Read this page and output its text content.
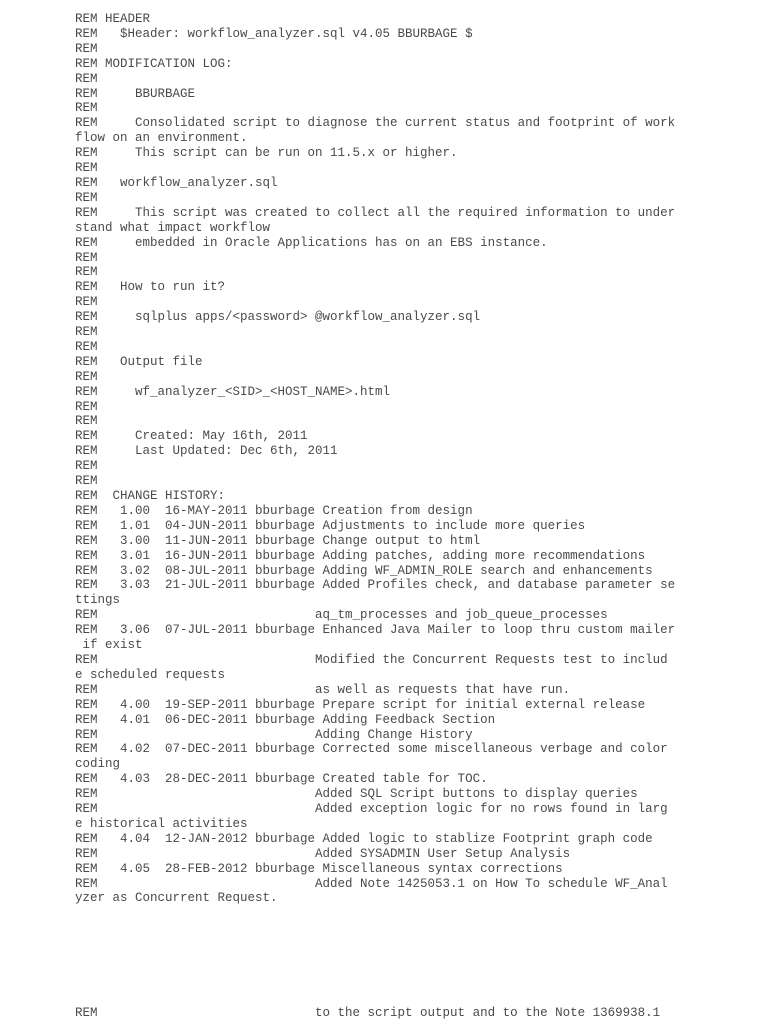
REM HEADER
REM   $Header: workflow_analyzer.sql v4.05 BBURBAGE $
REM
REM MODIFICATION LOG:
REM
REM     BBURBAGE
REM
REM     Consolidated script to diagnose the current status and footprint of work
flow on an environment.
REM     This script can be run on 11.5.x or higher.
REM
REM   workflow_analyzer.sql
REM
REM     This script was created to collect all the required information to under
stand what impact workflow
REM     embedded in Oracle Applications has on an EBS instance.
REM
REM
REM   How to run it?
REM
REM     sqlplus apps/<password> @workflow_analyzer.sql
REM
REM
REM   Output file
REM
REM     wf_analyzer_<SID>_<HOST_NAME>.html
REM
REM
REM     Created: May 16th, 2011
REM     Last Updated: Dec 6th, 2011
REM
REM
REM  CHANGE HISTORY:
REM   1.00  16-MAY-2011 bburbage Creation from design
REM   1.01  04-JUN-2011 bburbage Adjustments to include more queries
REM   3.00  11-JUN-2011 bburbage Change output to html
REM   3.01  16-JUN-2011 bburbage Adding patches, adding more recommendations
REM   3.02  08-JUL-2011 bburbage Adding WF_ADMIN_ROLE search and enhancements
REM   3.03  21-JUL-2011 bburbage Added Profiles check, and database parameter se
ttings
REM                             aq_tm_processes and job_queue_processes
REM   3.06  07-JUL-2011 bburbage Enhanced Java Mailer to loop thru custom mailer
if exist
REM                             Modified the Concurrent Requests test to includ
e scheduled requests
REM                             as well as requests that have run.
REM   4.00  19-SEP-2011 bburbage Prepare script for initial external release
REM   4.01  06-DEC-2011 bburbage Adding Feedback Section
REM                             Adding Change History
REM   4.02  07-DEC-2011 bburbage Corrected some miscellaneous verbage and color
coding
REM   4.03  28-DEC-2011 bburbage Created table for TOC.
REM                             Added SQL Script buttons to display queries
REM                             Added exception logic for no rows found in larg
e historical activities
REM   4.04  12-JAN-2012 bburbage Added logic to stablize Footprint graph code
REM                             Added SYSADMIN User Setup Analysis
REM   4.05  28-FEB-2012 bburbage Miscellaneous syntax corrections
REM                             Added Note 1425053.1 on How To schedule WF_Anal
yzer as Concurrent Request.
REM                             to the script output and to the Note 1369938.1
